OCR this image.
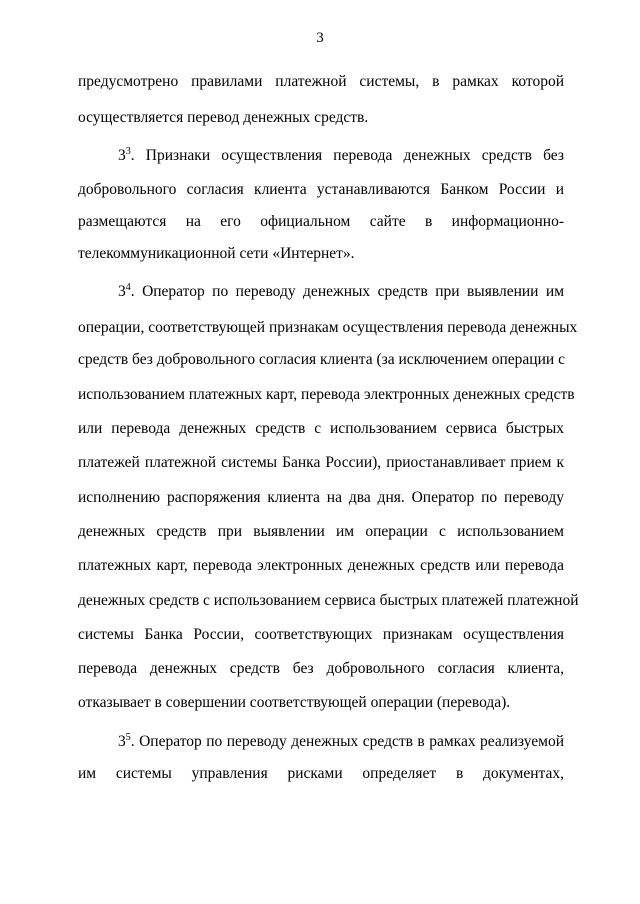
3
предусмотрено правилами платежной системы, в рамках которой
осуществляется перевод денежных средств.
$3^3$. Признаки осуществления перевода денежных средств без
добровольного согласия клиента устанавливаются Банком России и
размещаются на его официальном сайте в информационно-
телекоммуникационной сети «Интернет».
$3^4$. Оператор по переводу денежных средств при выявлении им
операции, соответствующей признакам осуществления перевода денежных
средств без добровольного согласия клиента (за исключением операции с
использованием платежных карт, перевода электронных денежных средств
или перевода денежных средств с использованием сервиса быстрых
платежей платежной системы Банка России), приостанавливает прием к
исполнению распоряжения клиента на два дня. Оператор по переводу
денежных средств при выявлении им операции с использованием
платежных карт, перевода электронных денежных средств или перевода
денежных средств с использованием сервиса быстрых платежей платежной
системы Банка России, соответствующих признакам осуществления
перевода денежных средств без добровольного согласия клиента,
отказывает в совершении соответствующей операции (перевода).
$3^5$. Оператор по переводу денежных средств в рамках реализуемой
им системы управления рисками определяет в документах,
